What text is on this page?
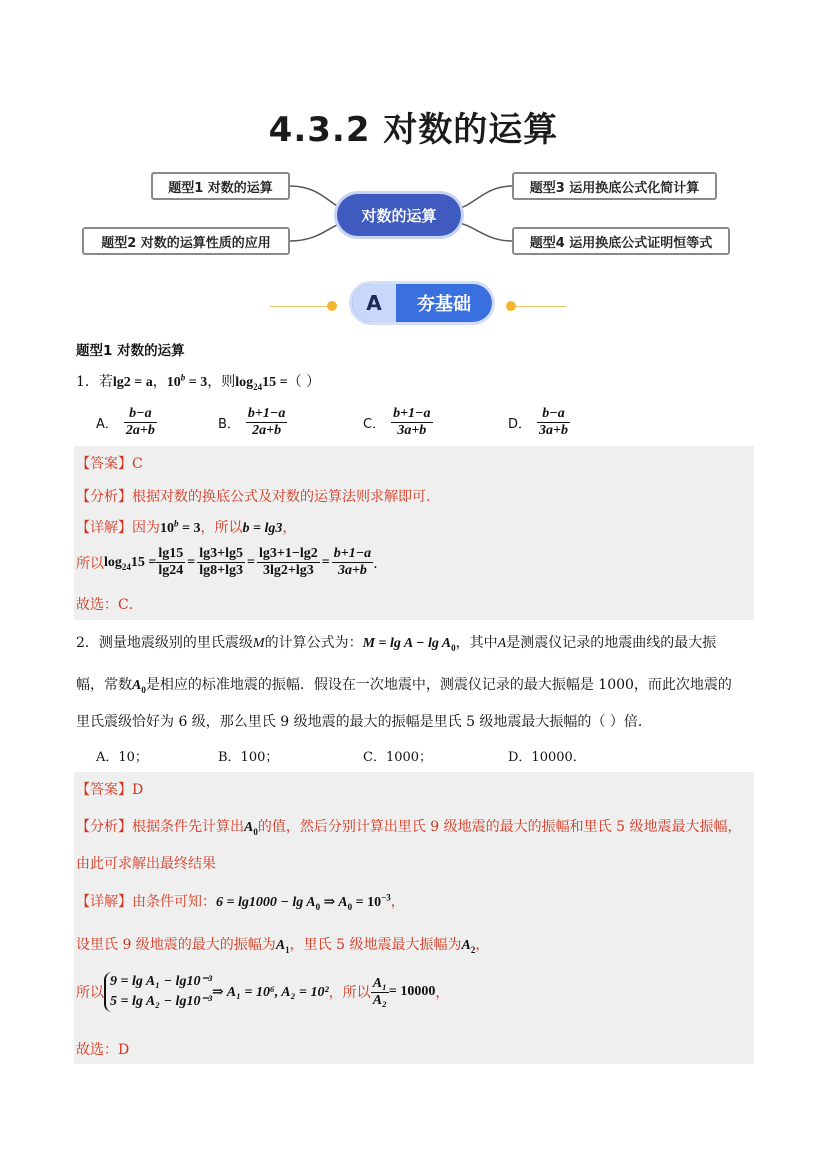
4.3.2 对数的运算
题型1 对数的运算
题型2 对数的运算性质的应用
题型3 运用换底公式化简计算
题型4 运用换底公式证明恒等式
对数的运算
A	夯基础
题型1 对数的运算
1．若lg2 = a，$10^b = 3$，则$\log_{24}15$ =（ ）
A． $\frac{b-a}{2a+b}$	B． $\frac{b+1-a}{2a+b}$	C． $\frac{b+1-a}{3a+b}$	D． $\frac{b-a}{3a+b}$
【答案】C
【分析】根据对数的换底公式及对数的运算法则求解即可.
【详解】因为$10^b = 3$，所以b = lg3，
所以 $\log_{24}15 = \frac{\lg 15}{\lg 24} = \frac{\lg 3+\lg 5}{\lg 8+\lg 3} = \frac{\lg 3+1-\lg 2}{3\lg 2+\lg 3} = \frac{b+1-a}{3a+b}$ ．
故选：C．
2．测量地震级别的里氏震级M的计算公式为：$M = \lg A - \lg A_0$，其中A是测震仪记录的地震曲线的最大振
幅，常数$A_0$是相应的标准地震的振幅．假设在一次地震中，测震仪记录的最大振幅是 1000，而此次地震的
里氏震级恰好为 6 级，那么里氏 9 级地震的最大的振幅是里氏 5 级地震最大振幅的（ ）倍．
A．10；	B．100；	C．1000；	D．10000．
【答案】D
【分析】根据条件先计算出$A_0$的值，然后分别计算出里氏 9 级地震的最大的振幅和里氏 5 级地震最大振幅，
由此可求解出最终结果
【详解】由条件可知：$6 = \lg 1000 - \lg A_0$ ⇒ $A_0 = 10^{-3}$，
设里氏 9 级地震的最大的振幅为$A_1$，里氏 5 级地震最大振幅为$A_2$，
所以
9 = lg A₁ − lg10⁻³
5 = lg A₂ − lg10⁻³
⇒ A₁ = 10⁶, A₂ = 10² ，所以 $\frac{\text{A₁}}{\text{A₂}} = 10000$ ，
故选：D
